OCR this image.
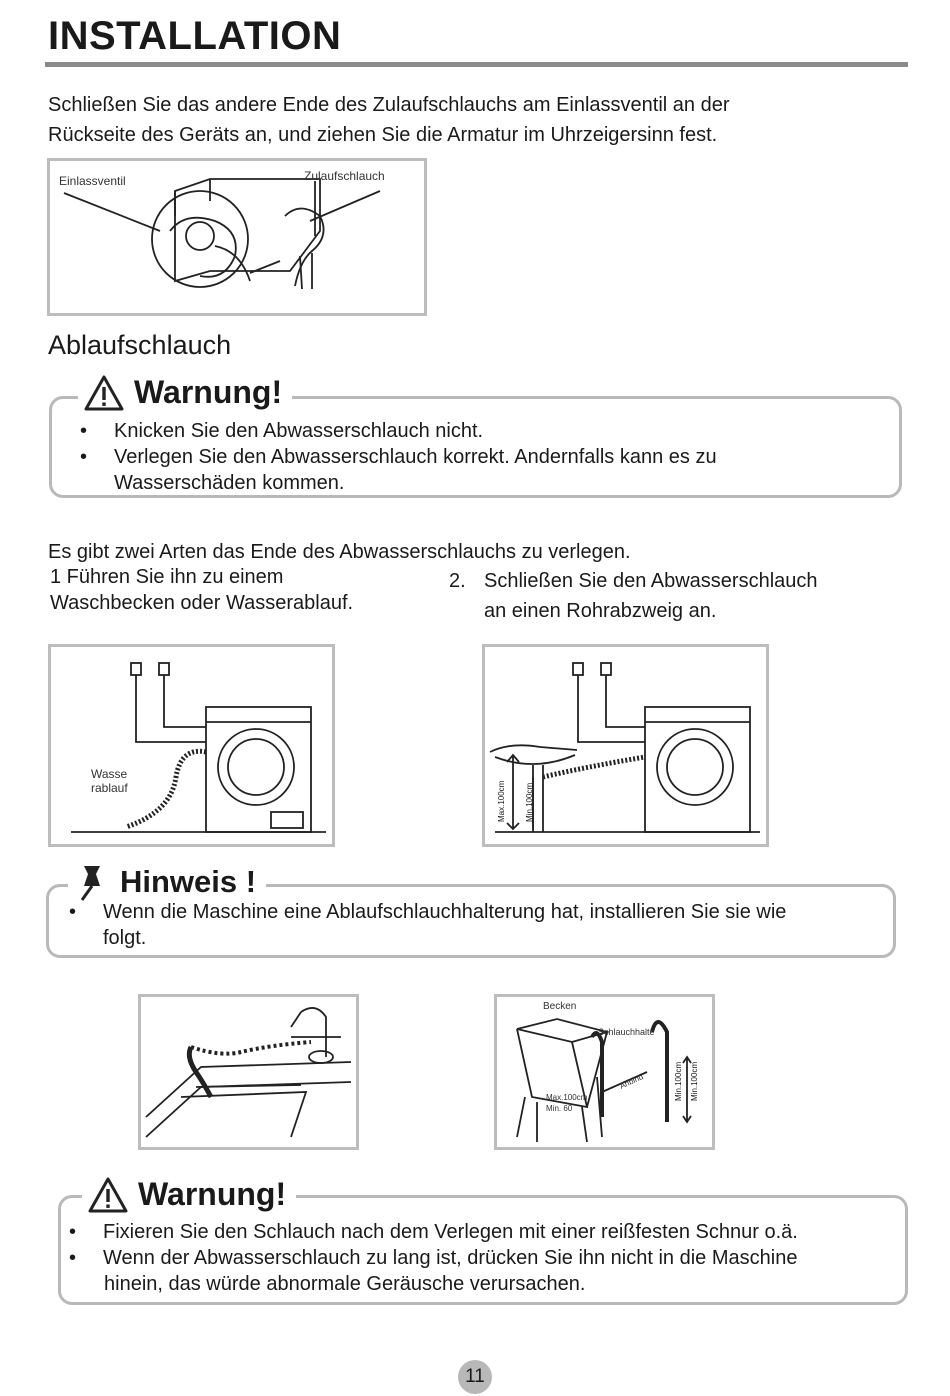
INSTALLATION
Schließen Sie das andere Ende des Zulaufschlauchs am Einlassventil an der
Rückseite des Geräts an, und ziehen Sie die Armatur im Uhrzeigersinn fest.
Einlassventil	Zulaufschlauch
Ablaufschlauch
Warnung!
• Knicken Sie den Abwasserschlauch nicht.
• Verlegen Sie den Abwasserschlauch korrekt. Andernfalls kann es zu
Wasserschäden kommen.
Es gibt zwei Arten das Ende des Abwasserschlauchs zu verlegen.
1 Führen Sie ihn zu einem
Waschbecken oder Wasserablauf.
2. Schließen Sie den Abwasserschlauch
an einen Rohrabzweig an.
Wasse
rablauf	Max.100cm Min.100cm
Hinweis !
• Wenn die Maschine eine Ablaufschlauchhalterung hat, installieren Sie sie wie
folgt.
Becken
Schlauchhalte
Anbind
Max.100cm
Min. 60
Min.100cm Min.100cm
Warnung!
• Fixieren Sie den Schlauch nach dem Verlegen mit einer reißfesten Schnur o.ä.
• Wenn der Abwasserschlauch zu lang ist, drücken Sie ihn nicht in die Maschine
hinein, das würde abnormale Geräusche verursachen.
11
